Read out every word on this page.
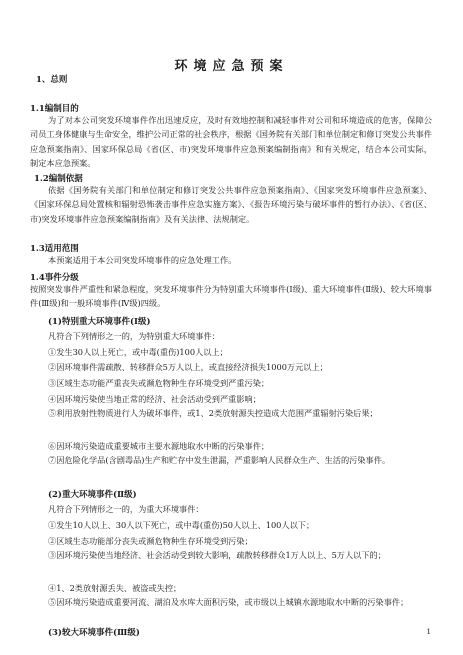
环境应急预案
1、总则
1.1编制目的

为了对本公司突发环境事件作出迅速反应，及时有效地控制和减轻事件对公司和环境造成的危害，保障公司员工身体健康与生命安全，维护公司正常的社会秩序，根据《国务院有关部门和单位制定和修订突发公共事件应急预案指南》、国家环保总局《省(区、市)突发环境事件应急预案编制指南》和有关规定，结合本公司实际，制定本应急预案。

1.2编制依据

依据《国务院有关部门和单位制定和修订突发公共事件应急预案指南》、《国家突发环境事件应急预案》、《国家环保总局处置核和辐射恐怖袭击事件应急实施方案》、《报告环境污染与破坏事件的暂行办法》、《省(区、市)突发环境事件应急预案编制指南》及有关法律、法规制定。

1.3适用范围

本预案适用于本公司突发环境事件的应急处理工作。

1.4事件分级

按照突发事件严重性和紧急程度，突发环境事件分为特别重大环境事件(Ⅰ级)、重大环境事件(Ⅱ级)、较大环境事件(Ⅲ级)和一般环境事件(Ⅳ级)四级。

(1)特别重大环境事件(Ⅰ级)
凡符合下列情形之一的，为特别重大环境事件：
①发生30人以上死亡，或中毒(重伤)100人以上；
②因环境事件需疏散、转移群众5万人以上，或直接经济损失1000万元以上；
③区域生态功能严重丧失或濒危物种生存环境受到严重污染；
④因环境污染使当地正常的经济、社会活动受到严重影响；

⑤利用放射性物质进行人为破坏事件，或1、2类放射源失控造成大范围严重辐射污染后果；

⑥因环境污染造成重要城市主要水源地取水中断的污染事件；

⑦因危险化学品(含剧毒品)生产和贮存中发生泄漏，严重影响人民群众生产、生活的污染事件。

(2)重大环境事件(Ⅱ级)
凡符合下列情形之一的，为重大环境事件：
①发生10人以上、30人以下死亡，或中毒(重伤)50人以上、100人以下；
②区域生态功能部分丧失或濒危物种生存环境受到污染；

③因环境污染使当地经济、社会活动受到较大影响，疏散转移群众1万人以上、5万人以下的；

④1、2类放射源丢失、被盗或失控；

⑤因环境污染造成重要河流、湖泊及水库大面积污染，或市级以上城镇水源地取水中断的污染事件；

(3)较大环境事件(Ⅲ级)	1
